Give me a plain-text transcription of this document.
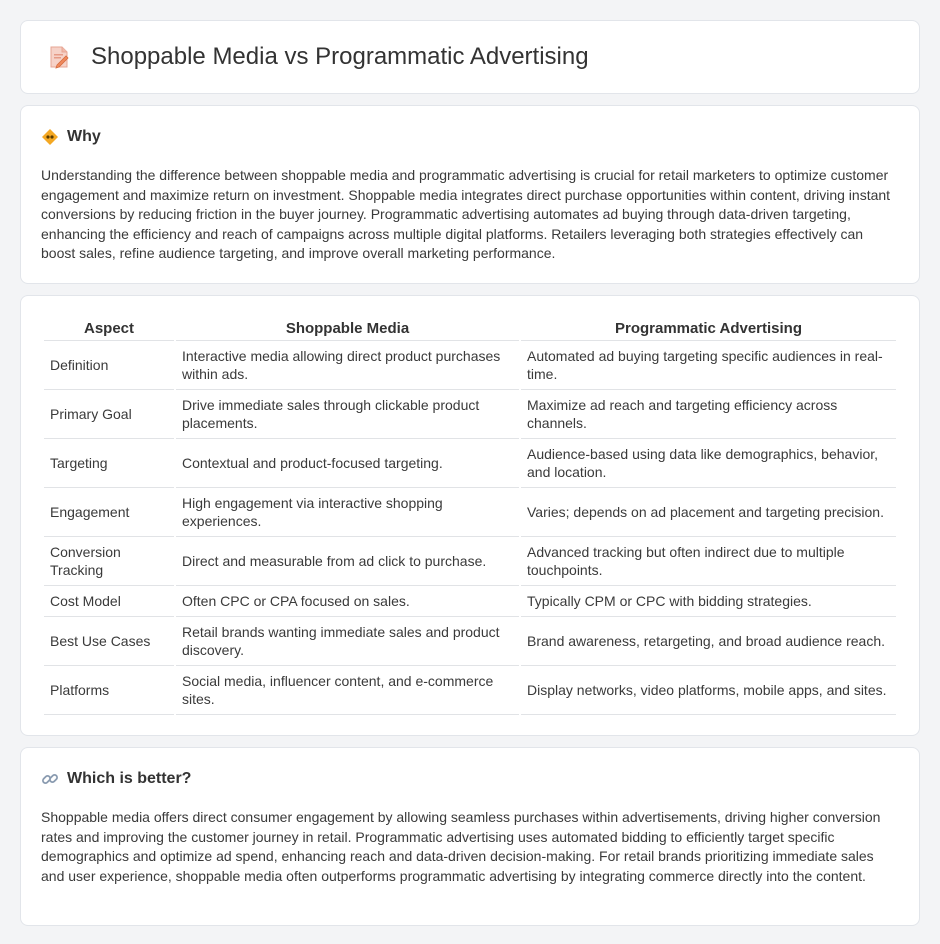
Shoppable Media vs Programmatic Advertising
Why

Understanding the difference between shoppable media and programmatic advertising is crucial for retail marketers to optimize customer engagement and maximize return on investment. Shoppable media integrates direct purchase opportunities within content, driving instant conversions by reducing friction in the buyer journey. Programmatic advertising automates ad buying through data-driven targeting, enhancing the efficiency and reach of campaigns across multiple digital platforms. Retailers leveraging both strategies effectively can boost sales, refine audience targeting, and improve overall marketing performance.

Aspect	Shoppable Media	Programmatic Advertising
Definition	Interactive media allowing direct product purchases within ads.	Automated ad buying targeting specific audiences in real-time.
Primary Goal	Drive immediate sales through clickable product placements.	Maximize ad reach and targeting efficiency across channels.
Targeting	Contextual and product-focused targeting.	Audience-based using data like demographics, behavior, and location.
Engagement	High engagement via interactive shopping experiences.	Varies; depends on ad placement and targeting precision.
Conversion Tracking	Direct and measurable from ad click to purchase.	Advanced tracking but often indirect due to multiple touchpoints.
Cost Model	Often CPC or CPA focused on sales.	Typically CPM or CPC with bidding strategies.
Best Use Cases	Retail brands wanting immediate sales and product discovery.	Brand awareness, retargeting, and broad audience reach.
Platforms	Social media, influencer content, and e-commerce sites.	Display networks, video platforms, mobile apps, and sites.
Which is better?

Shoppable media offers direct consumer engagement by allowing seamless purchases within advertisements, driving higher conversion rates and improving the customer journey in retail. Programmatic advertising uses automated bidding to efficiently target specific demographics and optimize ad spend, enhancing reach and data-driven decision-making. For retail brands prioritizing immediate sales and user experience, shoppable media often outperforms programmatic advertising by integrating commerce directly into the content.
